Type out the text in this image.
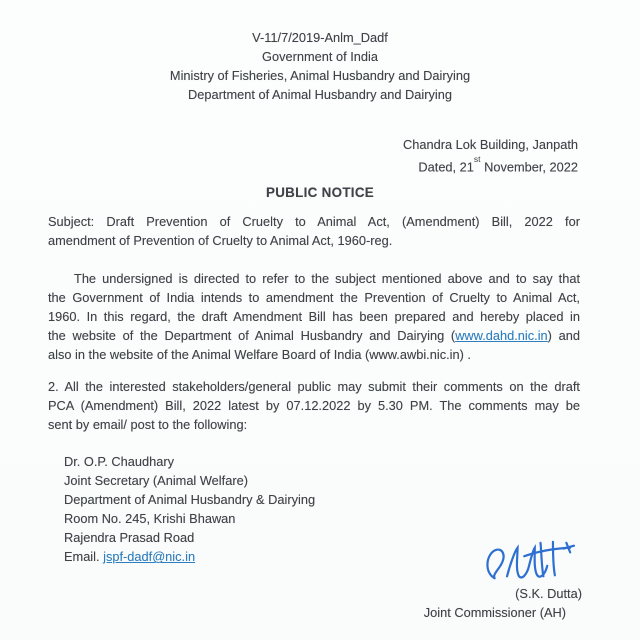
V-11/7/2019-Anlm_Dadf
Government of India
Ministry of Fisheries, Animal Husbandry and Dairying
Department of Animal Husbandry and Dairying
Chandra Lok Building, Janpath
Dated, 21st November, 2022
PUBLIC NOTICE
Subject: Draft Prevention of Cruelty to Animal Act, (Amendment) Bill, 2022 for
amendment of Prevention of Cruelty to Animal Act, 1960-reg.
The undersigned is directed to refer to the subject mentioned above and to say that
the Government of India intends to amendment the Prevention of Cruelty to Animal Act,
1960. In this regard, the draft Amendment Bill has been prepared and hereby placed in
the website of the Department of Animal Husbandry and Dairying (www.dahd.nic.in) and
also in the website of the Animal Welfare Board of India (www.awbi.nic.in) .
2. All the interested stakeholders/general public may submit their comments on the draft
PCA (Amendment) Bill, 2022 latest by 07.12.2022 by 5.30 PM. The comments may be
sent by email/ post to the following:
Dr. O.P. Chaudhary
Joint Secretary (Animal Welfare)
Department of Animal Husbandry & Dairying
Room No. 245, Krishi Bhawan
Rajendra Prasad Road
Email. jspf-dadf@nic.in
(S.K. Dutta)
Joint Commissioner (AH)
